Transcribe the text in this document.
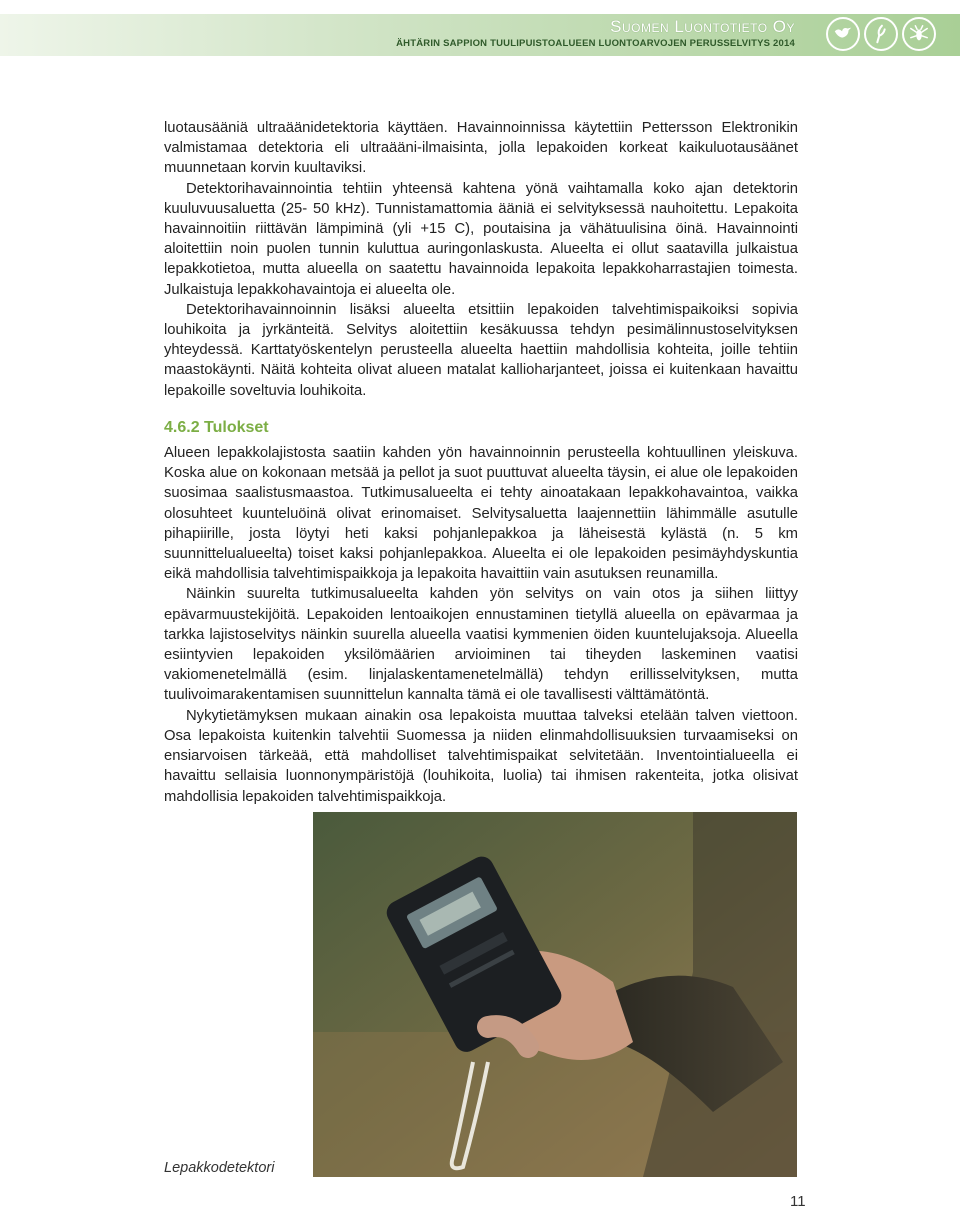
Suomen Luontotieto Oy
ÄHTÄRIN SAPPION TUULIPUISTOALUEEN LUONTOARVOJEN PERUSSELVITYS 2014

luotausääniä ultraäänidetektoria käyttäen. Havainnoinnissa käytettiin Pettersson Elektronikin valmistamaa detektoria eli ultraääni-ilmaisinta, jolla lepakoiden korkeat kaikuluotausäänet muunnetaan korvin kuultaviksi.

Detektorihavainnointia tehtiin yhteensä kahtena yönä vaihtamalla koko ajan detektorin kuuluvuusaluetta (25- 50 kHz). Tunnistamattomia ääniä ei selvityksessä nauhoitettu. Lepakoita havainnoitiin riittävän lämpiminä (yli +15 C), poutaisina ja vähätuulisina öinä. Havainnointi aloitettiin noin puolen tunnin kuluttua auringonlaskusta. Alueelta ei ollut saatavilla julkaistua lepakkotietoa, mutta alueella on saatettu havainnoida lepakoita lepakkoharrastajien toimesta. Julkaistuja lepakkohavaintoja ei alueelta ole.

Detektorihavainnoinnin lisäksi alueelta etsittiin lepakoiden talvehtimispaikoiksi sopivia louhikoita ja jyrkänteitä. Selvitys aloitettiin kesäkuussa tehdyn pesimälinnustoselvityksen yhteydessä. Karttatyöskentelyn perusteella alueelta haettiin mahdollisia kohteita, joille tehtiin maastokäynti. Näitä kohteita olivat alueen matalat kallioharjanteet, joissa ei kuitenkaan havaittu lepakoille soveltuvia louhikoita.

4.6.2 Tulokset

Alueen lepakkolajistosta saatiin kahden yön havainnoinnin perusteella kohtuullinen yleiskuva. Koska alue on kokonaan metsää ja pellot ja suot puuttuvat alueelta täysin, ei alue ole lepakoiden suosimaa saalistusmaastoa. Tutkimusalueelta ei tehty ainoatakaan lepakkohavaintoa, vaikka olosuhteet kuunteluöinä olivat erinomaiset. Selvitysaluetta laajennettiin lähimmälle asutulle pihapiirille, josta löytyi heti kaksi pohjanlepakkoa ja läheisestä kylästä (n. 5 km suunnittelualueelta) toiset kaksi pohjanlepakkoa. Alueelta ei ole lepakoiden pesimäyhdyskuntia eikä mahdollisia talvehtimispaikkoja ja lepakoita havaittiin vain asutuksen reunamilla.

Näinkin suurelta tutkimusalueelta kahden yön selvitys on vain otos ja siihen liittyy epävarmuustekijöitä. Lepakoiden lentoaikojen ennustaminen tietyllä alueella on epävarmaa ja tarkka lajistoselvitys näinkin suurella alueella vaatisi kymmenien öiden kuuntelujaksoja. Alueella esiintyvien lepakoiden yksilömäärien arvioiminen tai tiheyden laskeminen vaatisi vakiomenetelmällä (esim. linjalaskentamenetelmällä) tehdyn erillisselvityksen, mutta tuulivoimarakentamisen suunnittelun kannalta tämä ei ole tavallisesti välttämätöntä.

Nykytietämyksen mukaan ainakin osa lepakoista muuttaa talveksi etelään talven viettoon. Osa lepakoista kuitenkin talvehtii Suomessa ja niiden elinmahdollisuuksien turvaamiseksi on ensiarvoisen tärkeää, että mahdolliset talvehtimispaikat selvitetään. Inventointialueella ei havaittu sellaisia luonnonympäristöjä (louhikoita, luolia) tai ihmisen rakenteita, jotka olisivat mahdollisia lepakoiden talvehtimispaikkoja.

Lepakkodetektori
11
